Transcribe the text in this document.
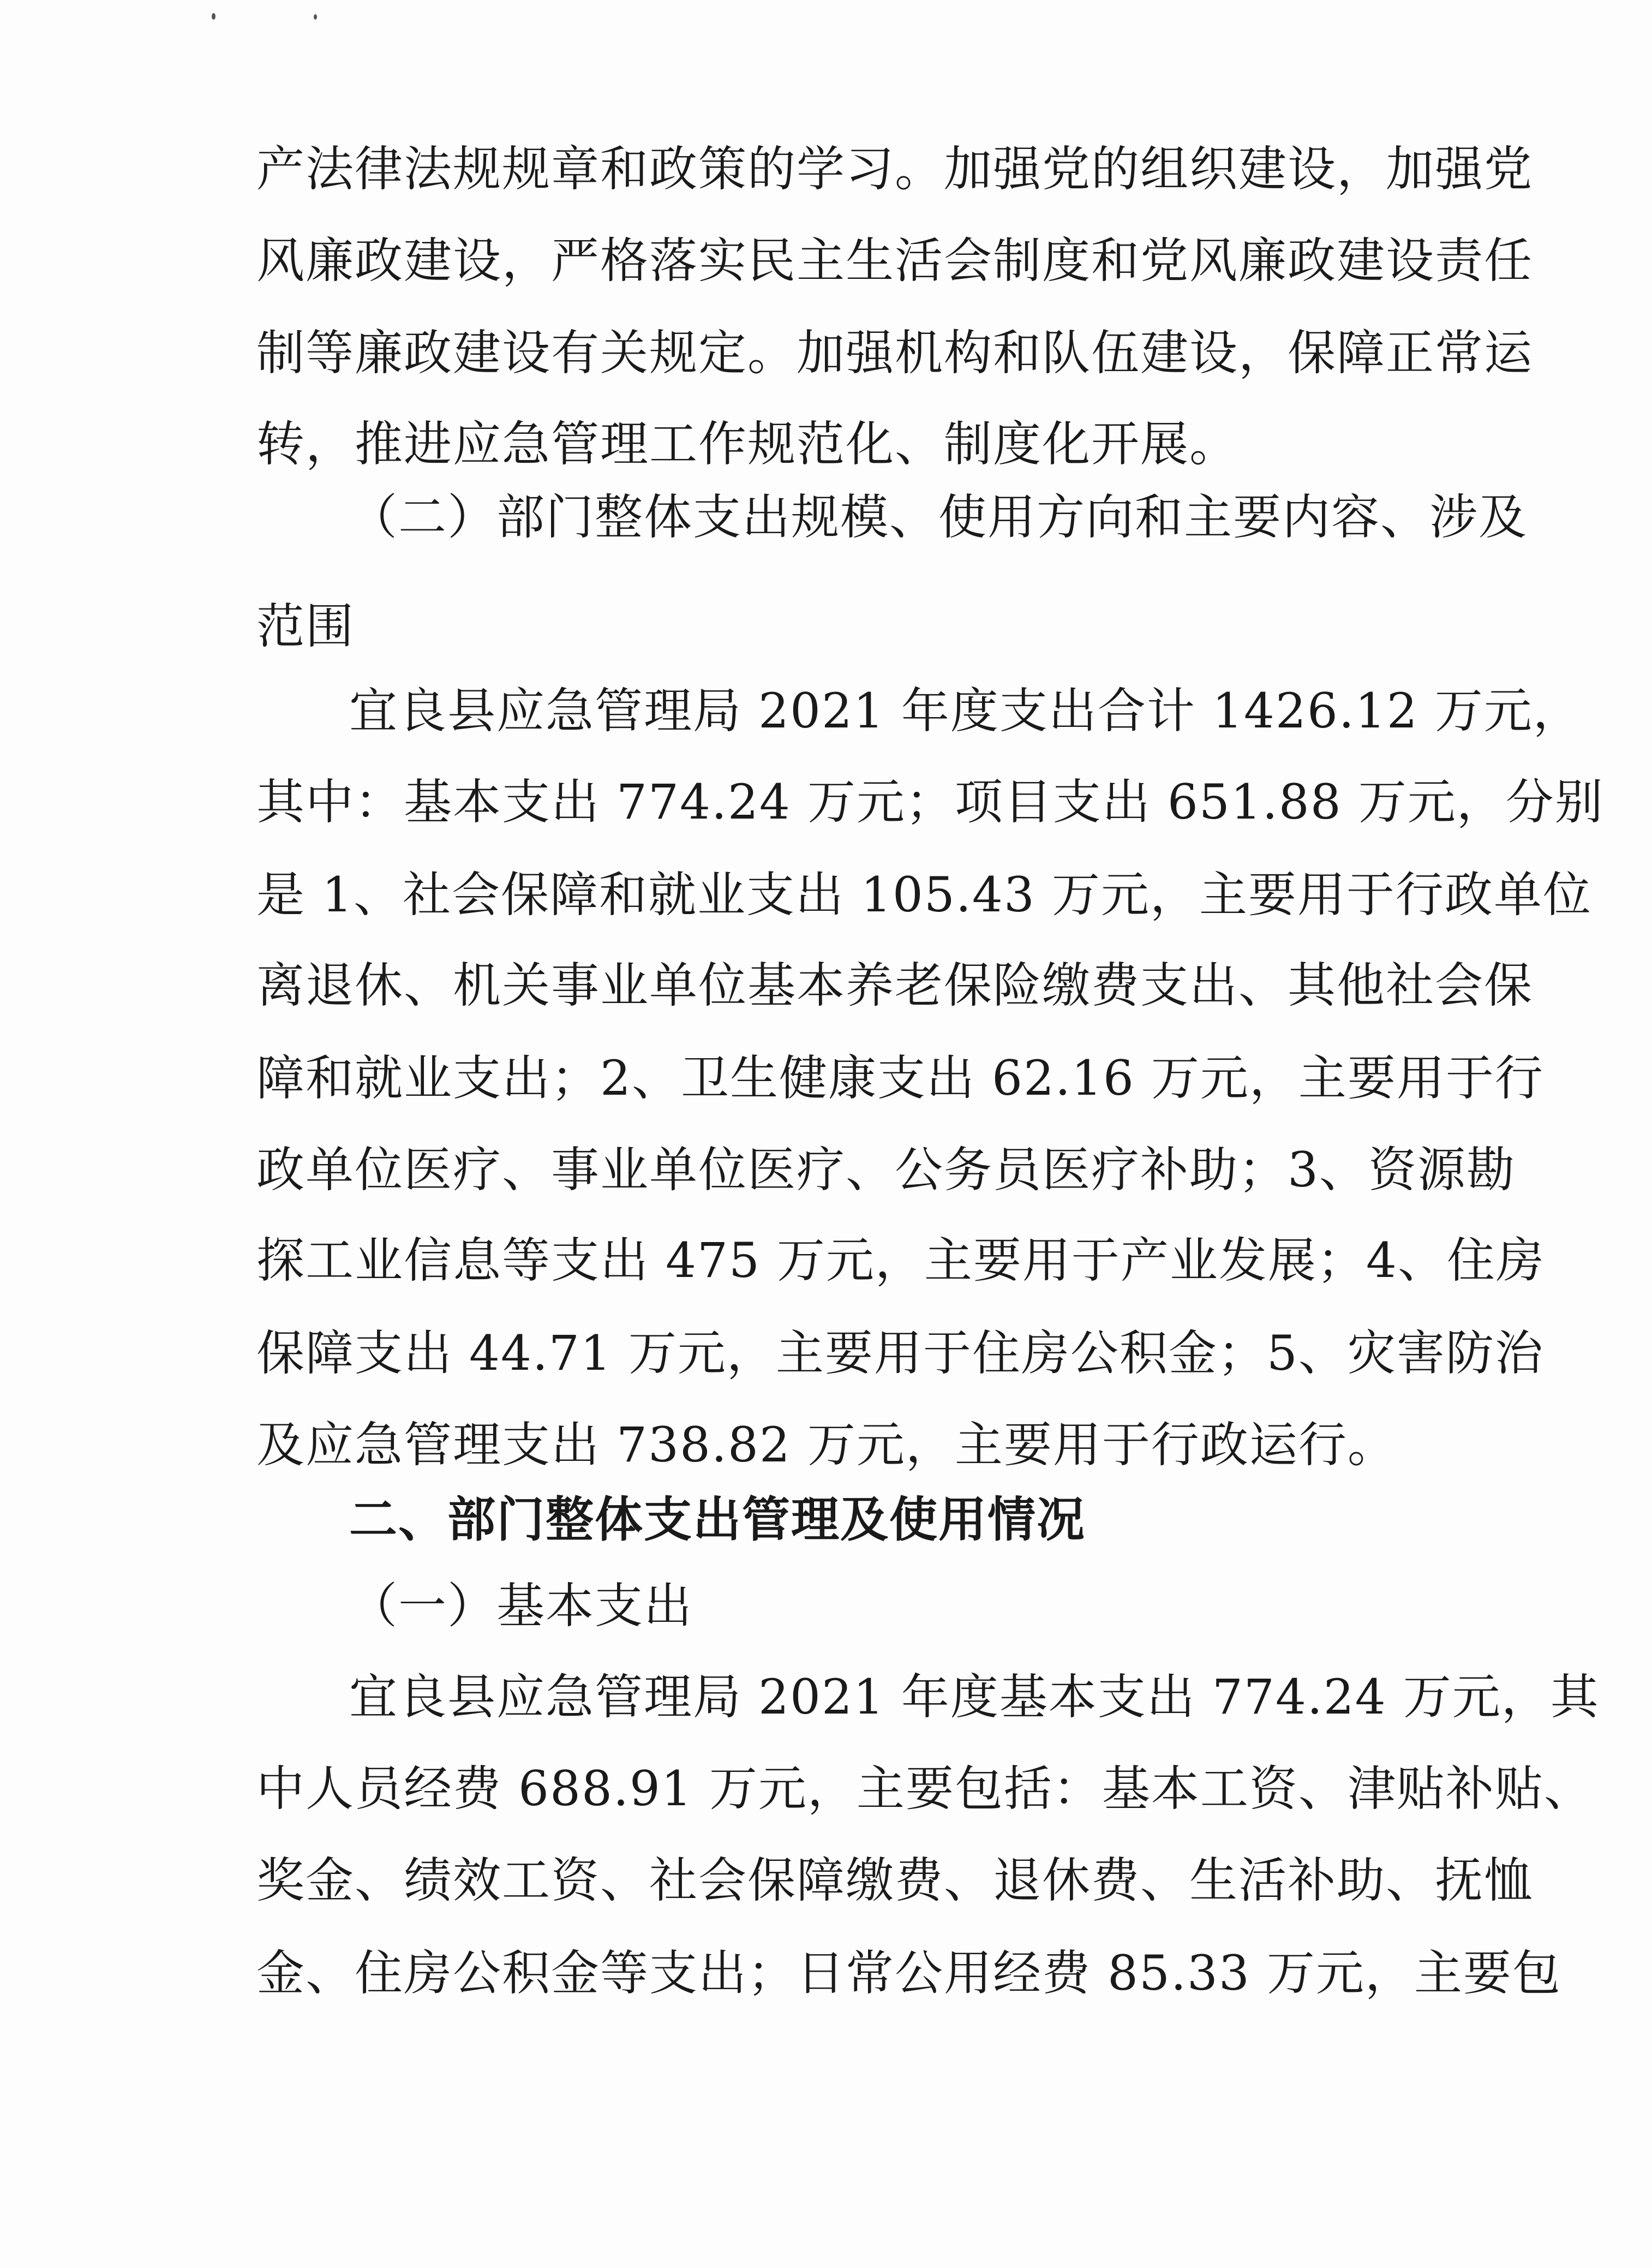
产法律法规规章和政策的学习。加强党的组织建设，加强党
风廉政建设，严格落实民主生活会制度和党风廉政建设责任
制等廉政建设有关规定。加强机构和队伍建设，保障正常运
转，推进应急管理工作规范化、制度化开展。
（二）部门整体支出规模、使用方向和主要内容、涉及
范围
宜良县应急管理局 2021 年度支出合计 1426.12 万元，
其中：基本支出 774.24 万元；项目支出 651.88 万元，分别
是 1、社会保障和就业支出 105.43 万元，主要用于行政单位
离退休、机关事业单位基本养老保险缴费支出、其他社会保
障和就业支出；2、卫生健康支出 62.16 万元，主要用于行
政单位医疗、事业单位医疗、公务员医疗补助；3、资源勘
探工业信息等支出 475 万元，主要用于产业发展；4、住房
保障支出 44.71 万元，主要用于住房公积金；5、灾害防治
及应急管理支出 738.82 万元，主要用于行政运行。
二、部门整体支出管理及使用情况
（一）基本支出
宜良县应急管理局 2021 年度基本支出 774.24 万元，其
中人员经费 688.91 万元，主要包括：基本工资、津贴补贴、
奖金、绩效工资、社会保障缴费、退休费、生活补助、抚恤
金、住房公积金等支出；日常公用经费 85.33 万元，主要包
